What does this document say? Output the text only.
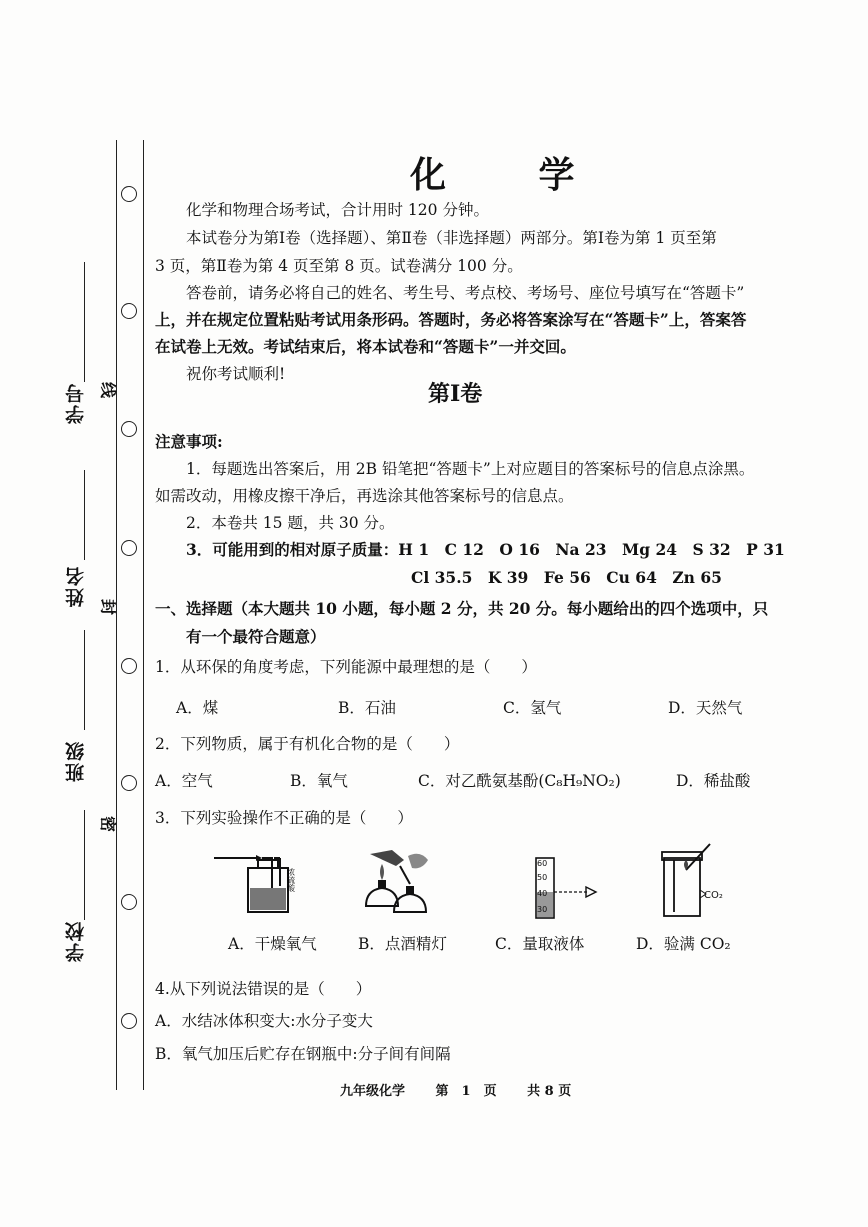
学号
姓名
班级
学校
线
封
密
化 学
化学和物理合场考试，合计用时 120 分钟。
本试卷分为第Ⅰ卷（选择题）、第Ⅱ卷（非选择题）两部分。第Ⅰ卷为第 1 页至第
3 页，第Ⅱ卷为第 4 页至第 8 页。试卷满分 100 分。
答卷前，请务必将自己的姓名、考生号、考点校、考场号、座位号填写在“答题卡”
上，并在规定位置粘贴考试用条形码。答题时，务必将答案涂写在“答题卡”上，答案答
在试卷上无效。考试结束后，将本试卷和“答题卡”一并交回。
祝你考试顺利!
第Ⅰ卷
注意事项:
1．每题选出答案后，用 2B 铅笔把“答题卡”上对应题目的答案标号的信息点涂黑。
如需改动，用橡皮擦干净后，再选涂其他答案标号的信息点。
2．本卷共 15 题，共 30 分。
3．可能用到的相对原子质量：H 1　C 12　O 16　Na 23　Mg 24　S 32　P 31
Cl 35.5　K 39　Fe 56　Cu 64　Zn 65
一、选择题（本大题共 10 小题，每小题 2 分，共 20 分。每小题给出的四个选项中，只
有一个最符合题意）
1．从环保的角度考虑，下列能源中最理想的是（　　）
A．煤	B．石油	C．氢气	D．天然气
2．下列物质，属于有机化合物的是（　　）
A．空气	B．氧气	C．对乙酰氨基酚(C₈H₉NO₂)	D．稀盐酸
3．下列实验操作不正确的是（　　）
浓硫酸
60
50
40
30
CO₂
A．干燥氧气	B．点酒精灯	C．量取液体	D．验满 CO₂
4.从下列说法错误的是（　　）
A．水结冰体积变大:水分子变大
B．氧气加压后贮存在钢瓶中:分子间有间隔
九年级化学 第　1　页 共 8 页
